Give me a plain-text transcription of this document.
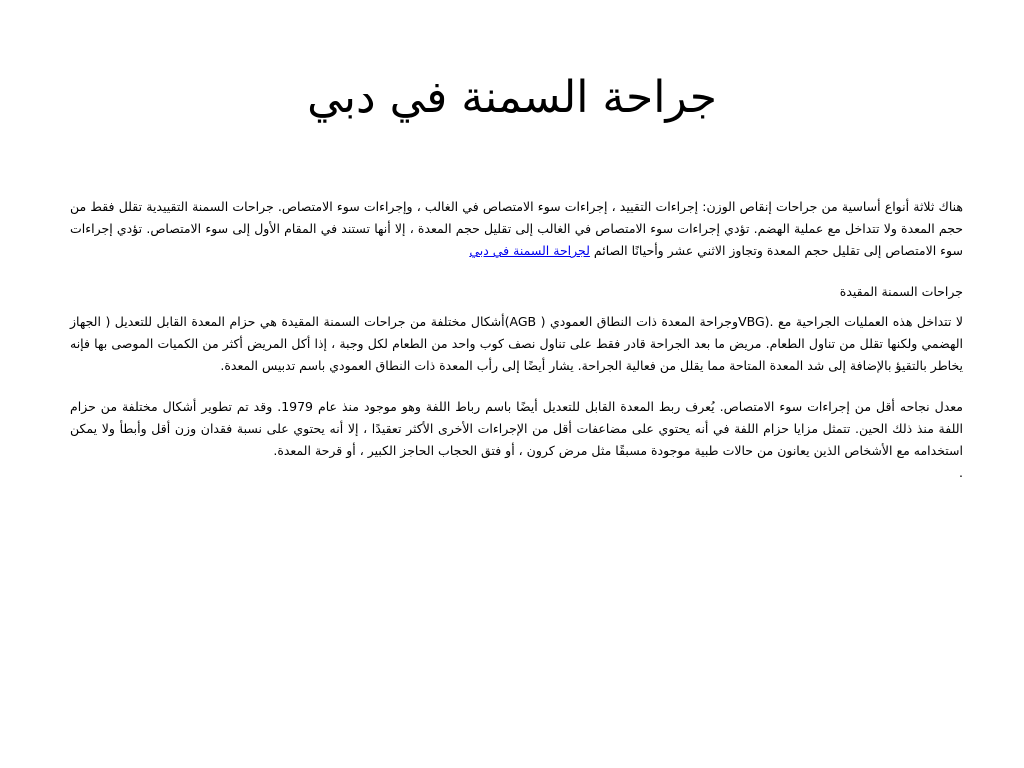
جراحة السمنة في دبي

هناك ثلاثة أنواع أساسية من جراحات إنقاص الوزن: إجراءات التقييد ، إجراءات سوء الامتصاص في الغالب ، وإجراءات سوء الامتصاص. جراحات السمنة التقييدية تقلل فقط من حجم المعدة ولا تتداخل مع عملية الهضم. تؤدي إجراءات سوء الامتصاص في الغالب إلى تقليل حجم المعدة ، إلا أنها تستند في المقام الأول إلى سوء الامتصاص. تؤدي إجراءات سوء الامتصاص إلى تقليل حجم المعدة وتجاوز الاثني عشر وأحيانًا الصائم لجراحة السمنة في دبي

جراحات السمنة المقيدة

لا تتداخل هذه العمليات الجراحية مع .(VBGوجراحة المعدة ذات النطاق العمودي ( AGB)أشكال مختلفة من جراحات السمنة المقيدة هي حزام المعدة القابل للتعديل ( الجهاز الهضمي ولكنها تقلل من تناول الطعام. مريض ما بعد الجراحة قادر فقط على تناول نصف كوب واحد من الطعام لكل وجبة ، إذا أكل المريض أكثر من الكميات الموصى بها فإنه يخاطر بالتقيؤ بالإضافة إلى شد المعدة المتاحة مما يقلل من فعالية الجراحة. يشار أيضًا إلى رأب المعدة ذات النطاق العمودي باسم تدبيس المعدة.

معدل نجاحه أقل من إجراءات سوء الامتصاص. يُعرف ربط المعدة القابل للتعديل أيضًا باسم رباط اللفة وهو موجود منذ عام 1979. وقد تم تطوير أشكال مختلفة من حزام اللفة منذ ذلك الحين. تتمثل مزايا حزام اللفة في أنه يحتوي على مضاعفات أقل من الإجراءات الأخرى الأكثر تعقيدًا ، إلا أنه يحتوي على نسبة فقدان وزن أقل وأبطأ ولا يمكن استخدامه مع الأشخاص الذين يعانون من حالات طبية موجودة مسبقًا مثل مرض كرون ، أو فتق الحجاب الحاجز الكبير ، أو قرحة المعدة.

.
